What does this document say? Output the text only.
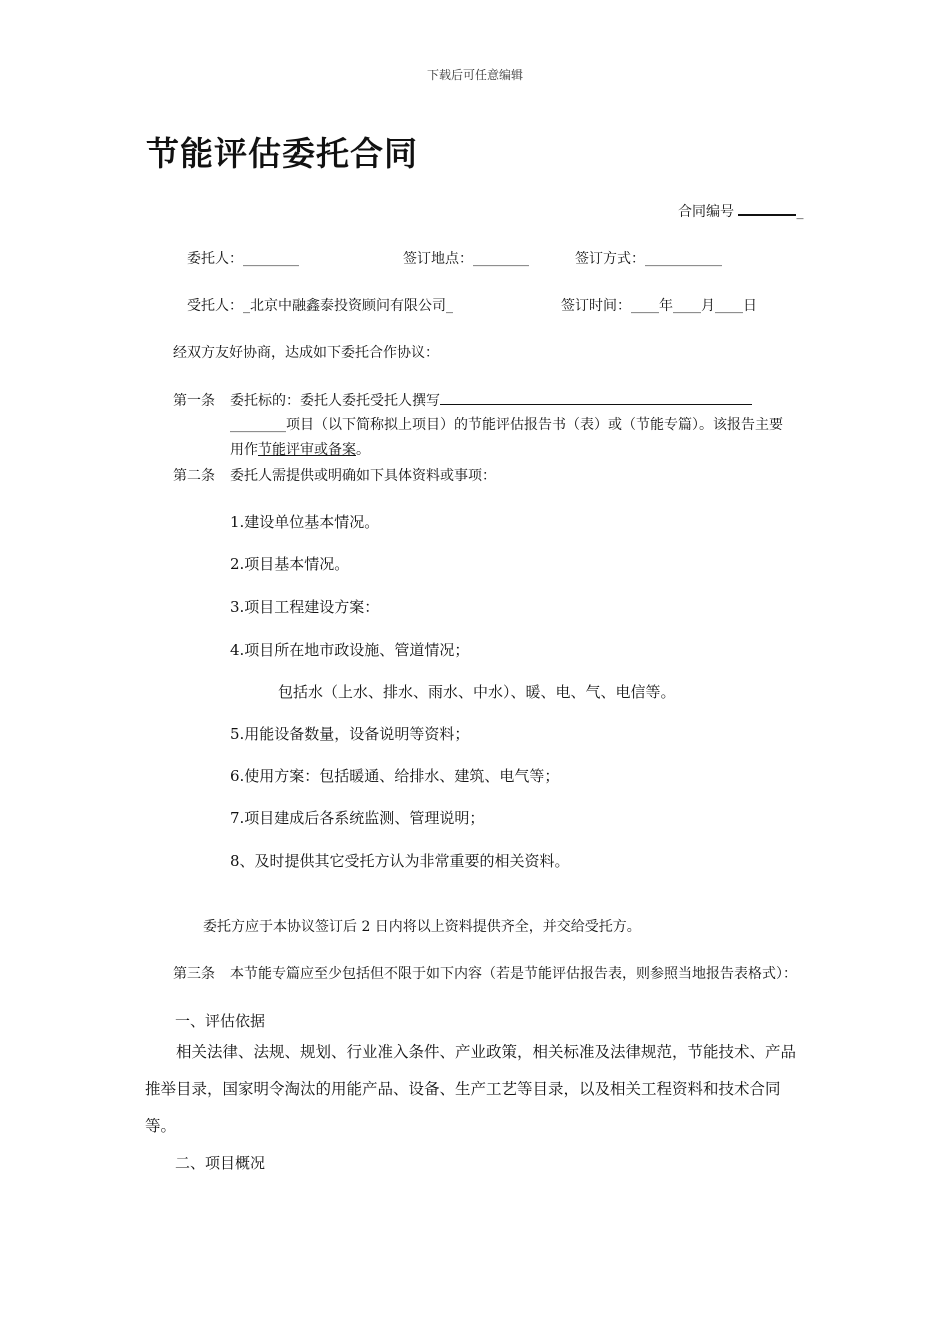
下载后可任意编辑
节能评估委托合同
合同编号	_
委托人：________	签订地点：________	签订方式：___________
受托人：_北京中融鑫泰投资顾问有限公司_	签订时间：____年____月____日
经双方友好协商，达成如下委托合作协议：
第一条 委托标的：委托人委托受托人撰写
________项目（以下简称拟上项目）的节能评估报告书（表）或（节能专篇）。该报告主要
用作节能评审或备案。
第二条 委托人需提供或明确如下具体资料或事项：
1.建设单位基本情况。
2.项目基本情况。
3.项目工程建设方案：
4.项目所在地市政设施、管道情况；
包括水（上水、排水、雨水、中水）、暖、电、气、电信等。
5.用能设备数量，设备说明等资料；
6.使用方案：包括暖通、给排水、建筑、电气等；
7.项目建成后各系统监测、管理说明；
8、及时提供其它受托方认为非常重要的相关资料。
委托方应于本协议签订后 2 日内将以上资料提供齐全，并交给受托方。
第三条 本节能专篇应至少包括但不限于如下内容（若是节能评估报告表，则参照当地报告表格式）：
一、评估依据
相关法律、法规、规划、行业准入条件、产业政策，相关标准及法律规范，节能技术、产品推举目录，国家明令淘汰的用能产品、设备、生产工艺等目录，以及相关工程资料和技术合同等。
二、项目概况
